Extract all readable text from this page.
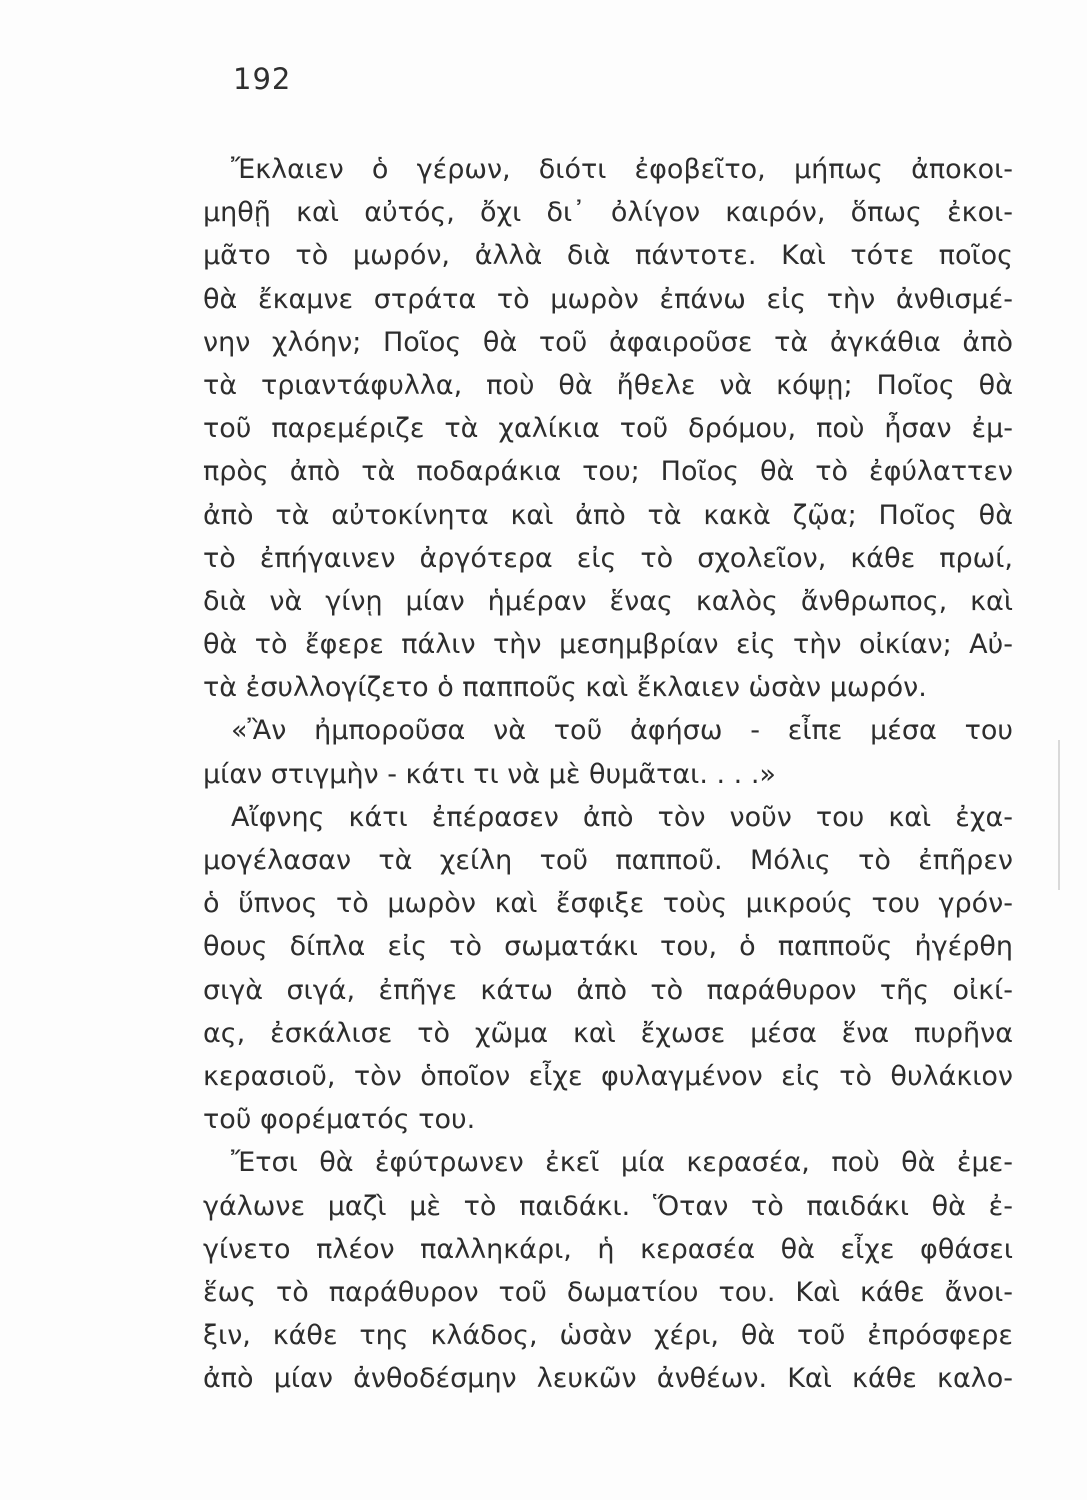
192
Ἔκλαιεν ὁ γέρων, διότι ἐφοβεῖτο, μήπως ἀποκοι-
μηθῇ καὶ αὐτός, ὄχι δι᾽ ὀλίγον καιρόν, ὅπως ἐκοι-
μᾶτο τὸ μωρόν, ἀλλὰ διὰ πάντοτε. Καὶ τότε ποῖος
θὰ ἔκαμνε στράτα τὸ μωρὸν ἐπάνω εἰς τὴν ἀνθισμέ-
νην χλόην; Ποῖος θὰ τοῦ ἀφαιροῦσε τὰ ἀγκάθια ἀπὸ
τὰ τριαντάφυλλα, ποὺ θὰ ἤθελε νὰ κόψῃ; Ποῖος θὰ
τοῦ παρεμέριζε τὰ χαλίκια τοῦ δρόμου, ποὺ ἦσαν ἐμ-
πρὸς ἀπὸ τὰ ποδαράκια του; Ποῖος θὰ τὸ ἐφύλαττεν
ἀπὸ τὰ αὐτοκίνητα καὶ ἀπὸ τὰ κακὰ ζῷα; Ποῖος θὰ
τὸ ἐπήγαινεν ἀργότερα εἰς τὸ σχολεῖον, κάθε πρωί,
διὰ νὰ γίνῃ μίαν ἡμέραν ἕνας καλὸς ἄνθρωπος, καὶ
θὰ τὸ ἔφερε πάλιν τὴν μεσημβρίαν εἰς τὴν οἰκίαν; Αὐ-
τὰ ἐσυλλογίζετο ὁ παπποῦς καὶ ἔκλαιεν ὡσὰν μωρόν.
«Ἂν ἠμποροῦσα νὰ τοῦ ἀφήσω - εἶπε μέσα του
μίαν στιγμὴν - κάτι τι νὰ μὲ θυμᾶται. . . .»
Αἴφνης κάτι ἐπέρασεν ἀπὸ τὸν νοῦν του καὶ ἐχα-
μογέλασαν τὰ χείλη τοῦ παπποῦ. Μόλις τὸ ἐπῆρεν
ὁ ὕπνος τὸ μωρὸν καὶ ἔσφιξε τοὺς μικρούς του γρόν-
θους δίπλα εἰς τὸ σωματάκι του, ὁ παπποῦς ἠγέρθη
σιγὰ σιγά, ἐπῆγε κάτω ἀπὸ τὸ παράθυρον τῆς οἰκί-
ας, ἐσκάλισε τὸ χῶμα καὶ ἔχωσε μέσα ἕνα πυρῆνα
κερασιοῦ, τὸν ὁποῖον εἶχε φυλαγμένον εἰς τὸ θυλάκιον
τοῦ φορέματός του.
Ἔτσι θὰ ἐφύτρωνεν ἐκεῖ μία κερασέα, ποὺ θὰ ἐμε-
γάλωνε μαζὶ μὲ τὸ παιδάκι. Ὅταν τὸ παιδάκι θὰ ἐ-
γίνετο πλέον παλληκάρι, ἡ κερασέα θὰ εἶχε φθάσει
ἕως τὸ παράθυρον τοῦ δωματίου του. Καὶ κάθε ἄνοι-
ξιν, κάθε της κλάδος, ὡσὰν χέρι, θὰ τοῦ ἐπρόσφερε
ἀπὸ μίαν ἀνθοδέσμην λευκῶν ἀνθέων. Καὶ κάθε καλο-
